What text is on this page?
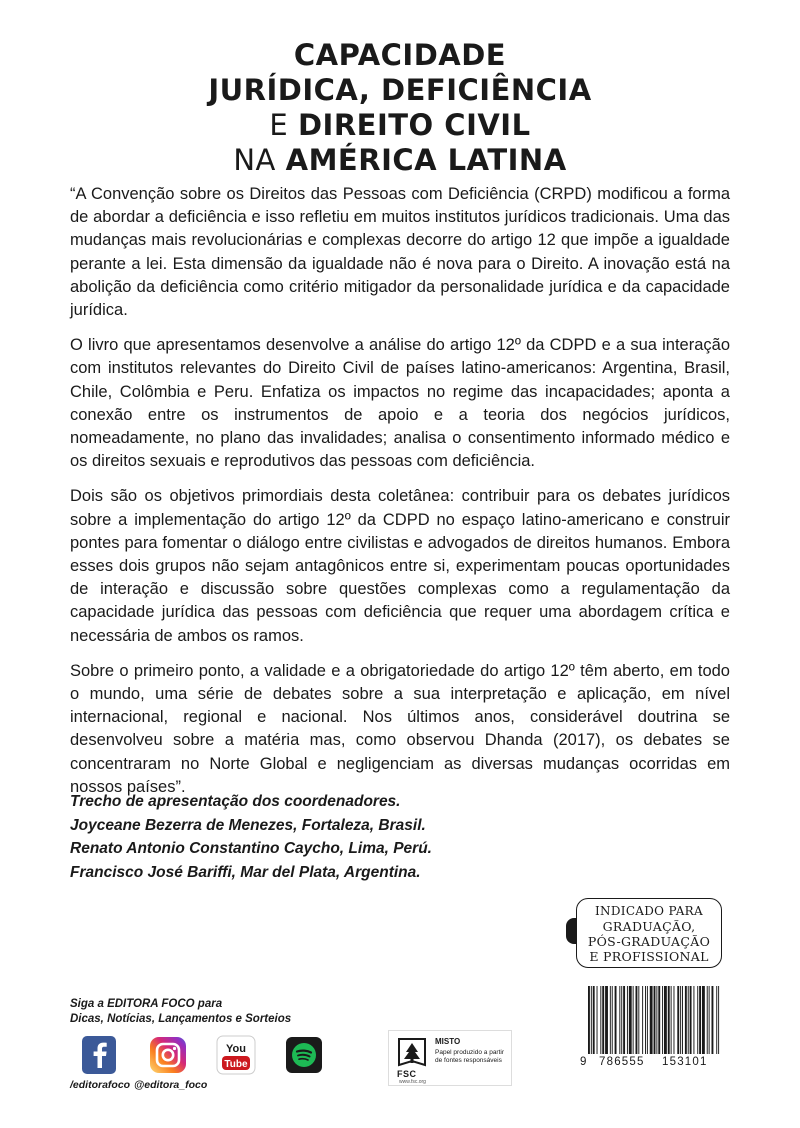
CAPACIDADE
JURÍDICA, DEFICIÊNCIA
E DIREITO CIVIL
NA AMÉRICA LATINA

“A Convenção sobre os Direitos das Pessoas com Deficiência (CRPD) modificou a forma de abordar a deficiência e isso refletiu em muitos institutos jurídicos tradicionais. Uma das mudanças mais revolucionárias e complexas decorre do artigo 12 que impõe a igualdade perante a lei. Esta dimensão da igualdade não é nova para o Direito. A inovação está na abolição da deficiência como critério mitigador da personalidade jurídica e da capacidade jurídica.

O livro que apresentamos desenvolve a análise do artigo 12º da CDPD e a sua interação com institutos relevantes do Direito Civil de países latino-americanos: Argentina, Brasil, Chile, Colômbia e Peru. Enfatiza os impactos no regime das incapacidades; aponta a conexão entre os instrumentos de apoio e a teoria dos negócios jurídicos, nomeadamente, no plano das invalidades; analisa o consentimento informado médico e os direitos sexuais e reprodutivos das pessoas com deficiência.

Dois são os objetivos primordiais desta coletânea: contribuir para os debates jurídicos sobre a implementação do artigo 12º da CDPD no espaço latino-americano e construir pontes para fomentar o diálogo entre civilistas e advogados de direitos humanos. Embora esses dois grupos não sejam antagônicos entre si, experimentam poucas oportunidades de interação e discussão sobre questões complexas como a regulamentação da capacidade jurídica das pessoas com deficiência que requer uma abordagem crítica e necessária de ambos os ramos.

Sobre o primeiro ponto, a validade e a obrigatoriedade do artigo 12º têm aberto, em todo o mundo, uma série de debates sobre a sua interpretação e aplicação, em nível internacional, regional e nacional. Nos últimos anos, considerável doutrina se desenvolveu sobre a matéria mas, como observou Dhanda (2017), os debates se concentraram no Norte Global e negligenciam as diversas mudanças ocorridas em nossos países”.

Trecho de apresentação dos coordenadores.
Joyceane Bezerra de Menezes, Fortaleza, Brasil.
Renato Antonio Constantino Caycho, Lima, Perú.
Francisco José Bariffi, Mar del Plata, Argentina.
INDICADO PARA
GRADUAÇÃO,
PÓS-GRADUAÇÃO
E PROFISSIONAL
Siga a EDITORA FOCO para
Dicas, Notícias, Lançamentos e Sorteios
You
Tube
/editorafoco @editora_foco
FSC
www.fsc.org
MISTO
Papel produzido a partir de fontes responsáveis	9 786555 153101
